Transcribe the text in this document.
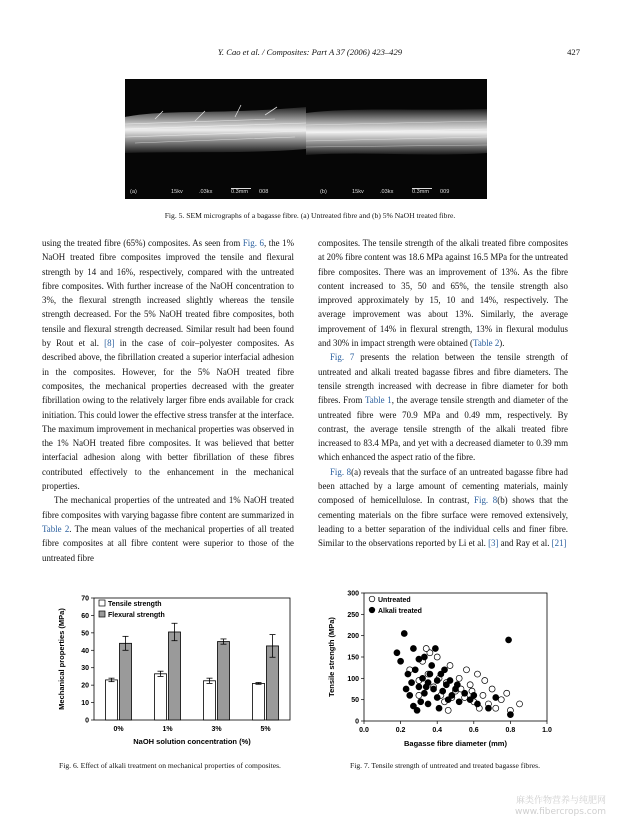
Y. Cao et al. / Composites: Part A 37 (2006) 423–429	427
(a)	15kv	.03kx	0.3mm 008	(b)	15kv	.03kx	0.3mm 009
Fig. 5. SEM micrographs of a bagasse fibre. (a) Untreated fibre and (b) 5% NaOH treated fibre.

using the treated fibre (65%) composites. As seen from Fig. 6, the 1% NaOH treated fibre composites improved the tensile and flexural strength by 14 and 16%, respectively, compared with the untreated fibre composites. With further increase of the NaOH concentration to 3%, the flexural strength increased slightly whereas the tensile strength decreased. For the 5% NaOH treated fibre composites, both tensile and flexural strength decreased. Similar result had been found by Rout et al. [8] in the case of coir–polyester composites. As described above, the fibrillation created a superior interfacial adhesion in the composites. However, for the 5% NaOH treated fibre composites, the mechanical properties decreased with the greater fibrillation owing to the relatively larger fibre ends available for crack initiation. This could lower the effective stress transfer at the interface. The maximum improvement in mechanical properties was observed in the 1% NaOH treated fibre composites. It was believed that better interfacial adhesion along with better fibrillation of these fibres contributed effectively to the enhancement in the mechanical properties.

The mechanical properties of the untreated and 1% NaOH treated fibre composites with varying bagasse fibre content are summarized in Table 2. The mean values of the mechanical properties of all treated fibre composites at all fibre content were superior to those of the untreated fibre

composites. The tensile strength of the alkali treated fibre composites at 20% fibre content was 18.6 MPa against 16.5 MPa for the untreated fibre composites. There was an improvement of 13%. As the fibre content increased to 35, 50 and 65%, the tensile strength also improved approximately by 15, 10 and 14%, respectively. The average improvement was about 13%. Similarly, the average improvement of 14% in flexural strength, 13% in flexural modulus and 30% in impact strength were obtained (Table 2).

Fig. 7 presents the relation between the tensile strength of untreated and alkali treated bagasse fibres and fibre diameters. The tensile strength increased with decrease in fibre diameter for both fibres. From Table 1, the average tensile strength and diameter of the untreated fibre were 70.9 MPa and 0.49 mm, respectively. By contrast, the average tensile strength of the alkali treated fibre increased to 83.4 MPa, and yet with a decreased diameter to 0.39 mm which enhanced the aspect ratio of the fibre.

Fig. 8(a) reveals that the surface of an untreated bagasse fibre had been attached by a large amount of cementing materials, mainly composed of hemicellulose. In contrast, Fig. 8(b) shows that the cementing materials on the fibre surface were removed extensively, leading to a better separation of the individual cells and finer fibre. Similar to the observations reported by Li et al. [3] and Ray et al. [21]

0
10
20
30
40
50
60
70
0%	1%	3%	5%
NaOH solution concentration (%)
Mechanical properties (MPa)
Tensile strength
Flexural strength
Fig. 6. Effect of alkali treatment on mechanical properties of composites.
0
50
100
150
200
250
300
0.0	0.2	0.4	0.6	0.8	1.0
Bagasse fibre diameter (mm)
Tensile strength (MPa)
Untreated
Alkali treated
Fig. 7. Tensile strength of untreated and treated bagasse fibres.
麻类作物营养与纯肥网
www.fibercrops.com
